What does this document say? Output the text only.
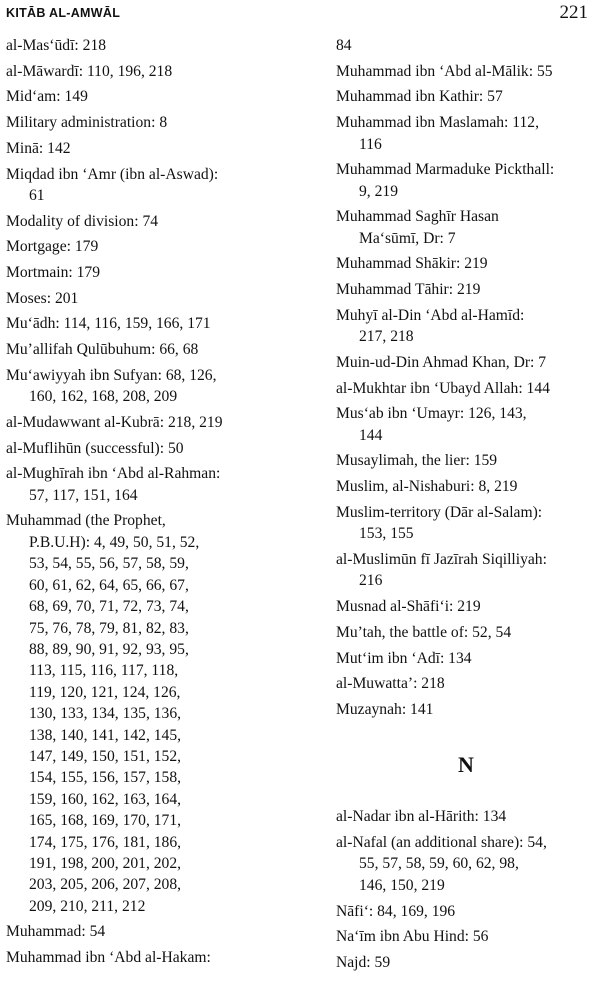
KITĀB AL-AMWĀL	221
al-Mas‘ūdī: 218
al-Māwardī: 110, 196, 218
Mid‘am: 149
Military administration: 8
Minā: 142
Miqdad ibn ‘Amr (ibn al-Aswad):
61
Modality of division: 74
Mortgage: 179
Mortmain: 179
Moses: 201
Mu‘ādh: 114, 116, 159, 166, 171
Mu’allifah Qulūbuhum: 66, 68
Mu‘awiyyah ibn Sufyan: 68, 126,
160, 162, 168, 208, 209
al-Mudawwant al-Kubrā: 218, 219
al-Muflihūn (successful): 50
al-Mughīrah ibn ‘Abd al-Rahman:
57, 117, 151, 164
Muhammad (the Prophet,
P.B.U.H): 4, 49, 50, 51, 52,
53, 54, 55, 56, 57, 58, 59,
60, 61, 62, 64, 65, 66, 67,
68, 69, 70, 71, 72, 73, 74,
75, 76, 78, 79, 81, 82, 83,
88, 89, 90, 91, 92, 93, 95,
113, 115, 116, 117, 118,
119, 120, 121, 124, 126,
130, 133, 134, 135, 136,
138, 140, 141, 142, 145,
147, 149, 150, 151, 152,
154, 155, 156, 157, 158,
159, 160, 162, 163, 164,
165, 168, 169, 170, 171,
174, 175, 176, 181, 186,
191, 198, 200, 201, 202,
203, 205, 206, 207, 208,
209, 210, 211, 212
Muhammad: 54
Muhammad ibn ‘Abd al-Hakam:
84
Muhammad ibn ‘Abd al-Mālik: 55
Muhammad ibn Kathir: 57
Muhammad ibn Maslamah: 112,
116
Muhammad Marmaduke Pickthall:
9, 219
Muhammad Saghīr Hasan
Ma‘sūmī, Dr: 7
Muhammad Shākir: 219
Muhammad Tāhir: 219
Muhyī al-Din ‘Abd al-Hamīd:
217, 218
Muin-ud-Din Ahmad Khan, Dr: 7
al-Mukhtar ibn ‘Ubayd Allah: 144
Mus‘ab ibn ‘Umayr: 126, 143,
144
Musaylimah, the lier: 159
Muslim, al-Nishaburi: 8, 219
Muslim-territory (Dār al-Salam):
153, 155
al-Muslimūn fī Jazīrah Siqilliyah:
216
Musnad al-Shāfi‘i: 219
Mu’tah, the battle of: 52, 54
Mut‘im ibn ‘Adī: 134
al-Muwatta’: 218
Muzaynah: 141
N
al-Nadar ibn al-Hārith: 134
al-Nafal (an additional share): 54,
55, 57, 58, 59, 60, 62, 98,
146, 150, 219
Nāfi‘: 84, 169, 196
Na‘īm ibn Abu Hind: 56
Najd: 59
